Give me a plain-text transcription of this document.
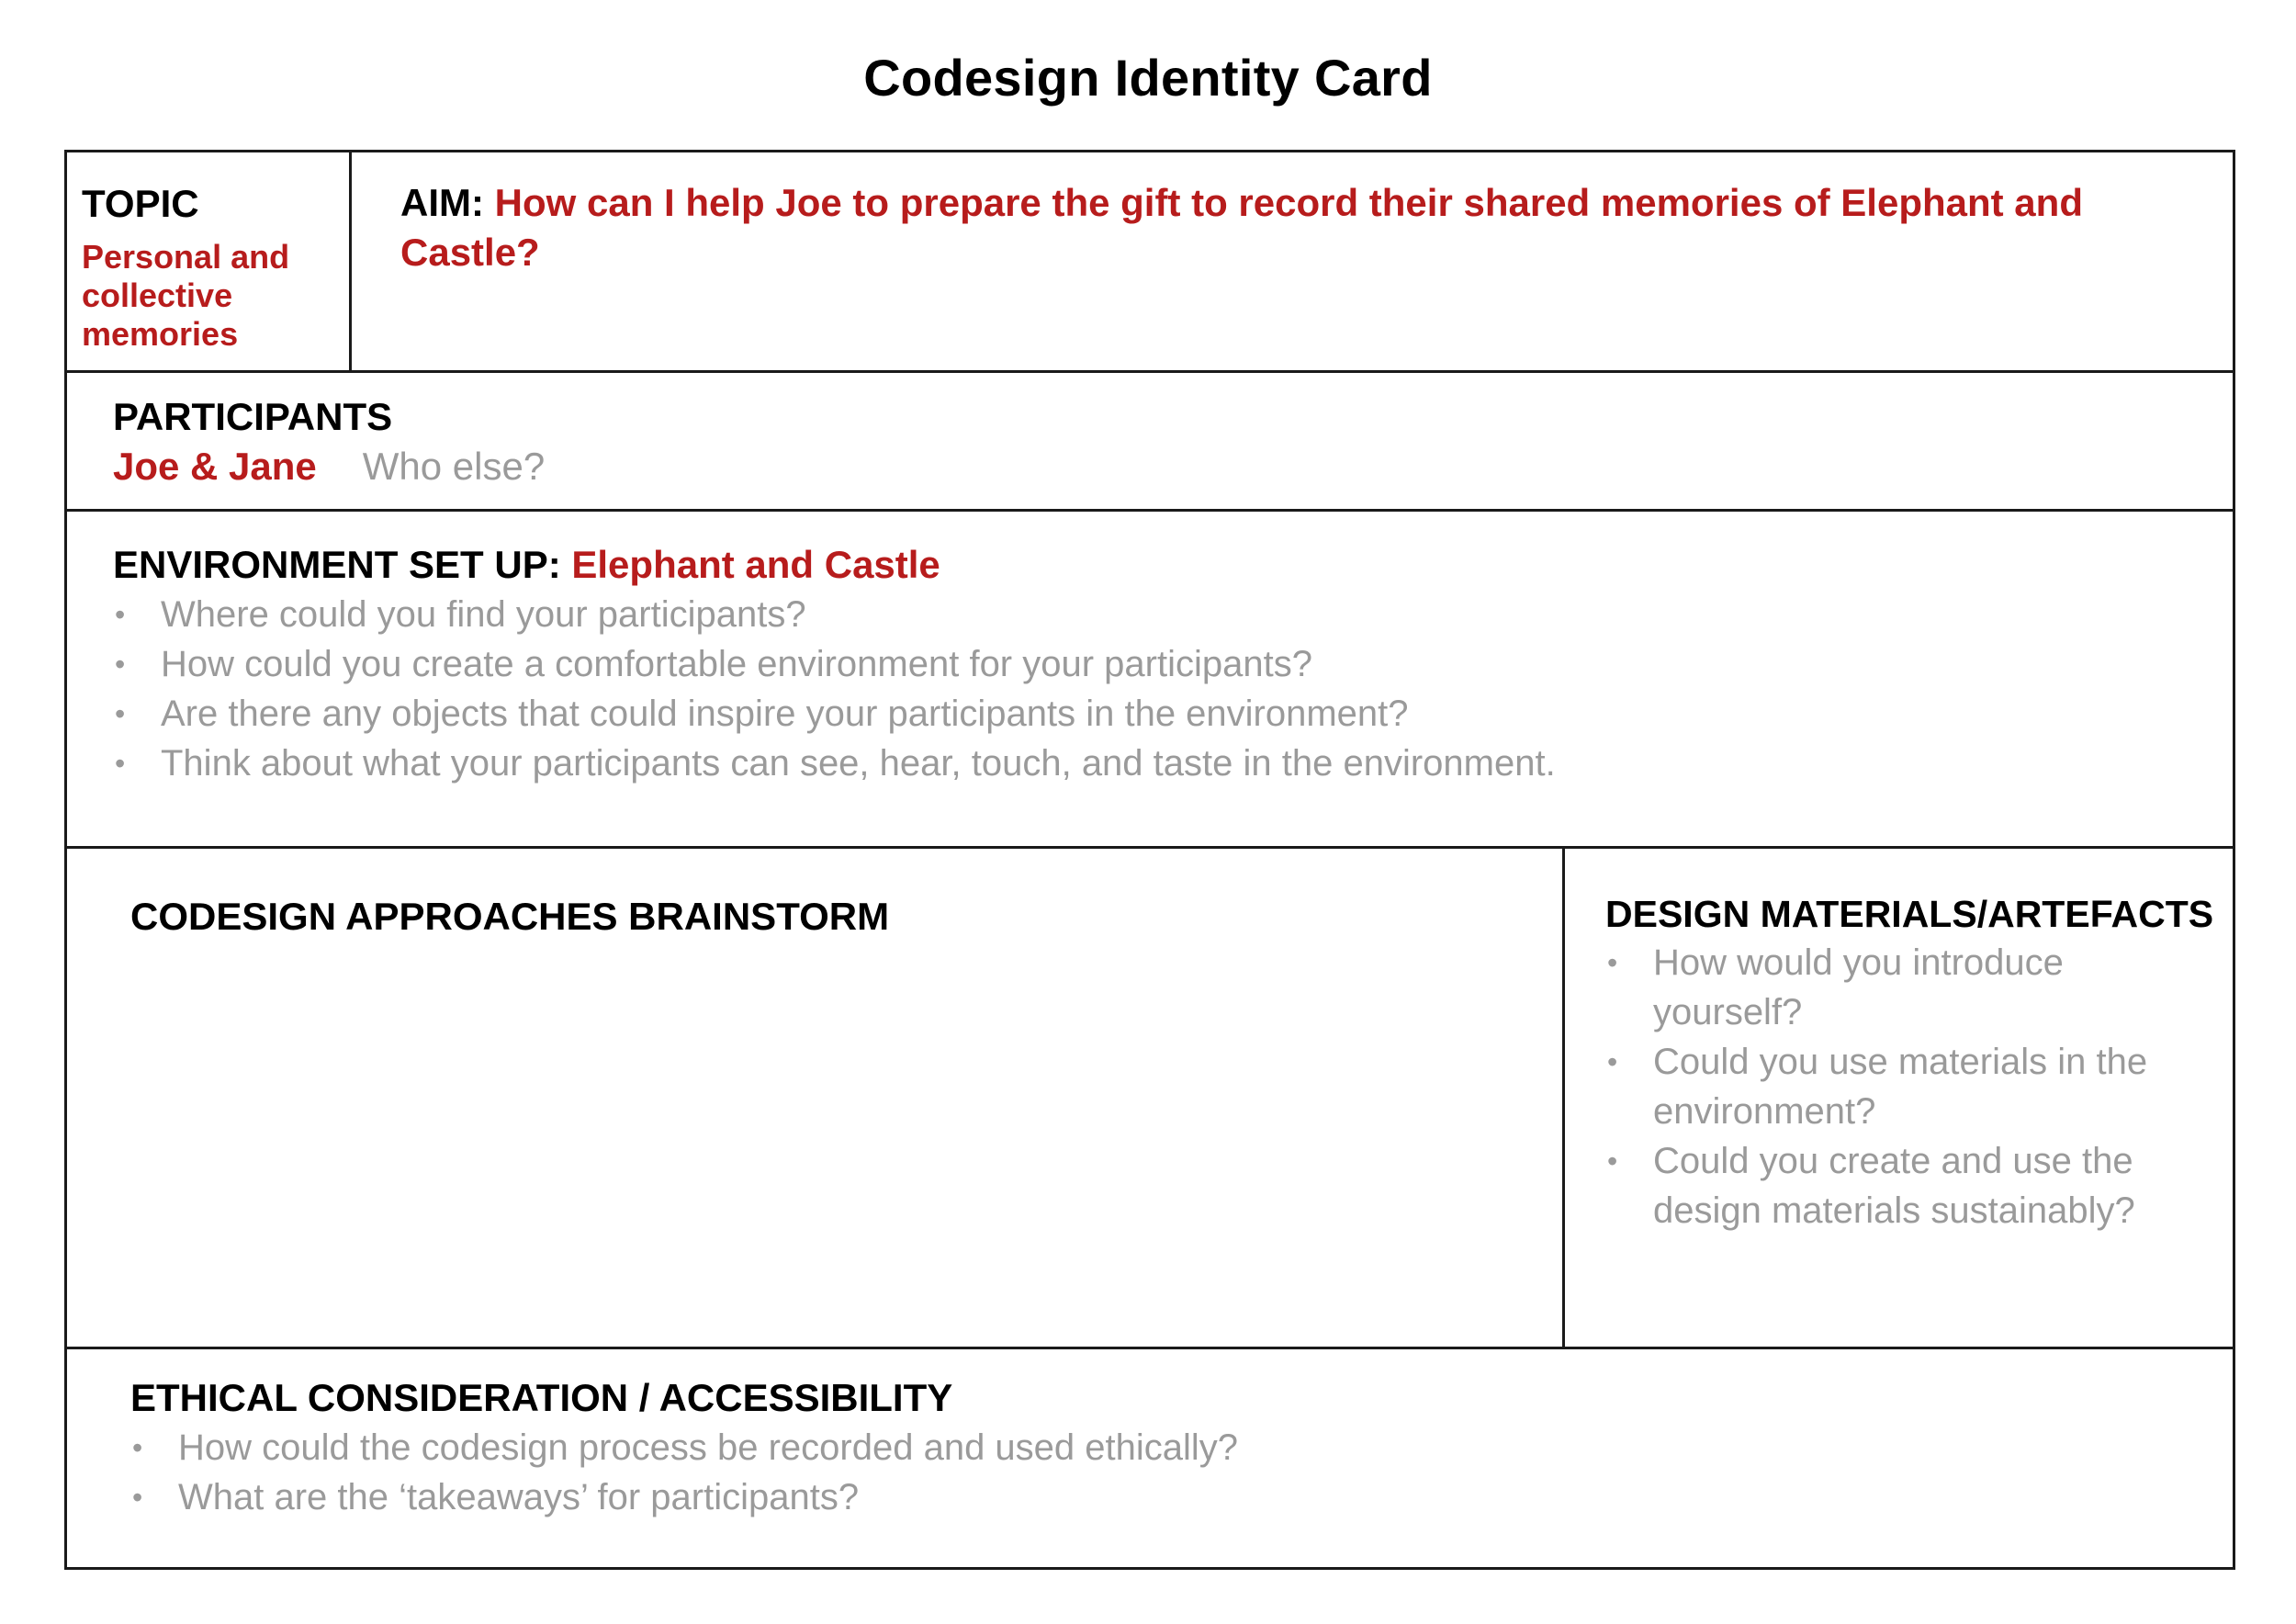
Codesign Identity Card
TOPIC
Personal and
collective
memories
AIM: How can I help Joe to prepare the gift to record their shared memories of Elephant and Castle?
PARTICIPANTS
Joe & Jane Who else?
ENVIRONMENT SET UP: Elephant and Castle
• Where could you find your participants?
• How could you create a comfortable environment for your participants?
• Are there any objects that could inspire your participants in the environment?
• Think about what your participants can see, hear, touch, and taste in the environment.
CODESIGN APPROACHES BRAINSTORM	DESIGN MATERIALS/ARTEFACTS
• How would you introduce yourself?
• Could you use materials in the environment?
• Could you create and use the design materials sustainably?
ETHICAL CONSIDERATION / ACCESSIBILITY
• How could the codesign process be recorded and used ethically?
• What are the ‘takeaways’ for participants?
